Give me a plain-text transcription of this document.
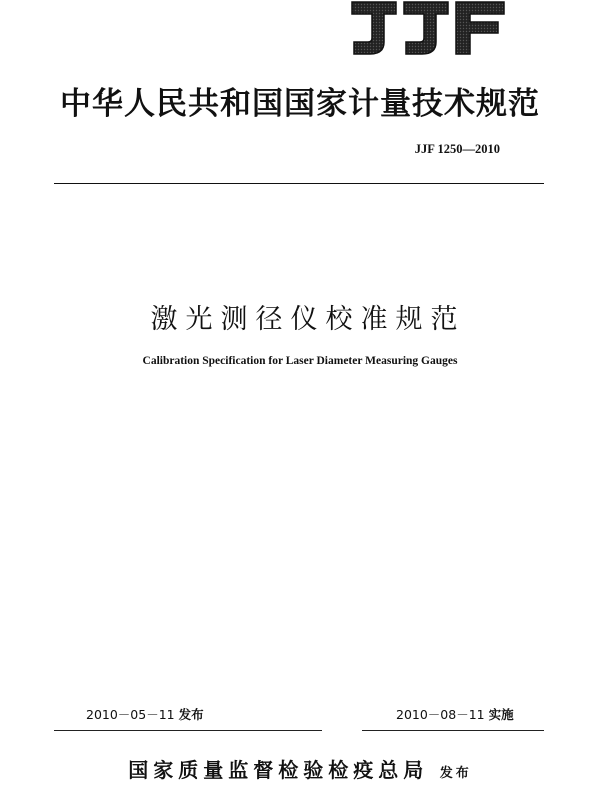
中华人民共和国国家计量技术规范
JJF 1250—2010
激光测径仪校准规范
Calibration Specification for Laser Diameter Measuring Gauges
2010－05－11 发布	2010－08－11 实施
国家质量监督检验检疫总局 发布
